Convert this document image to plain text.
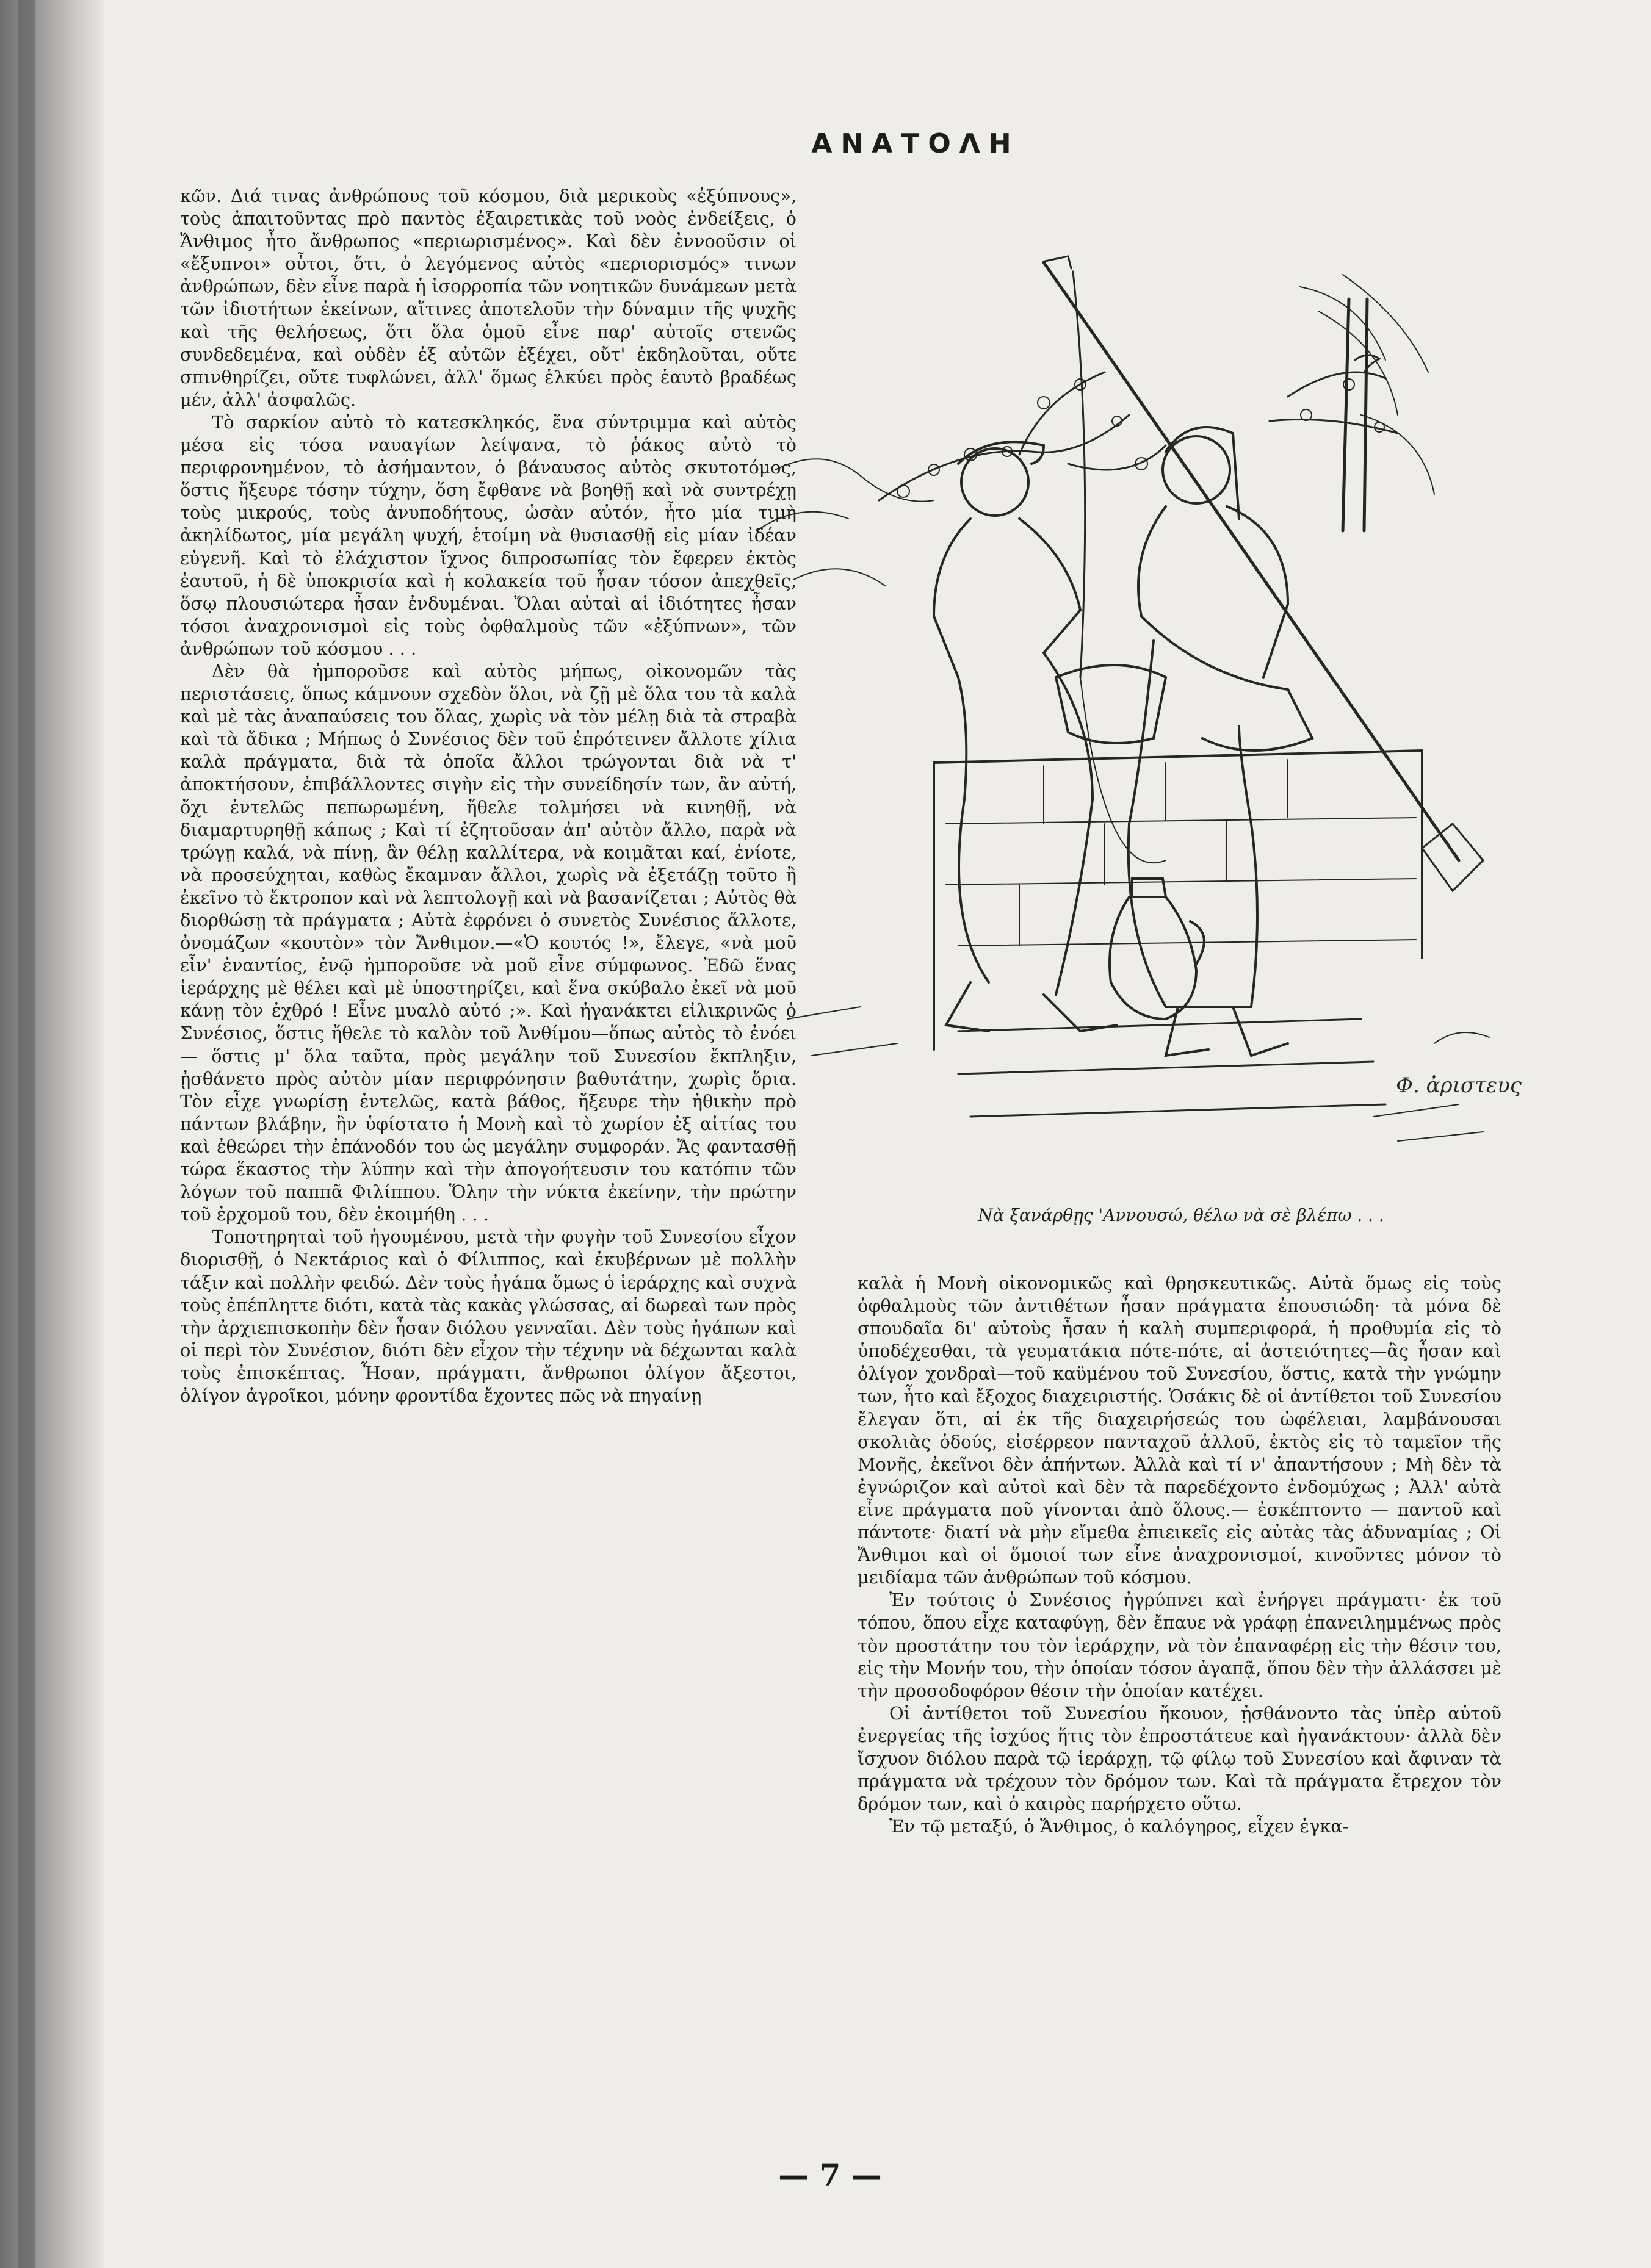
ΑΝΑΤΟΛΗ

κῶν. Διά τινας ἀνθρώπους τοῦ κόσμου, διὰ μερικοὺς «ἐξύπνους», τοὺς ἀπαιτοῦντας πρὸ παντὸς ἐξαιρετικὰς τοῦ νοὸς ἐνδείξεις, ὁ Ἄνθιμος ἦτο ἄνθρωπος «περιωρισμένος». Καὶ δὲν ἐννοοῦσιν οἱ «ἔξυπνοι» οὗτοι, ὅτι, ὁ λεγόμενος αὐτὸς «περιορισμός» τινων ἀνθρώπων, δὲν εἶνε παρὰ ἡ ἰσορροπία τῶν νοητικῶν δυνάμεων μετὰ τῶν ἰδιοτήτων ἐκείνων, αἵτινες ἀποτελοῦν τὴν δύναμιν τῆς ψυχῆς καὶ τῆς θελήσεως, ὅτι ὅλα ὁμοῦ εἶνε παρ' αὐτοῖς στενῶς συνδεδεμένα, καὶ οὐδὲν ἐξ αὐτῶν ἐξέχει, οὔτ' ἐκδηλοῦται, οὔτε σπινθηρίζει, οὔτε τυφλώνει, ἀλλ' ὅμως ἑλκύει πρὸς ἑαυτὸ βραδέως μέν, ἀλλ' ἀσφαλῶς.

Τὸ σαρκίον αὐτὸ τὸ κατεσκληκός, ἕνα σύντριμμα καὶ αὐτὸς μέσα εἰς τόσα ναυαγίων λείψανα, τὸ ῥάκος αὐτὸ τὸ περιφρονημένον, τὸ ἀσήμαντον, ὁ βάναυσος αὐτὸς σκυτοτόμος, ὅστις ἤξευρε τόσην τύχην, ὅση ἔφθανε νὰ βοηθῇ καὶ νὰ συντρέχῃ τοὺς μικρούς, τοὺς ἀνυποδήτους, ὡσὰν αὐτόν, ἦτο μία τιμὴ ἀκηλίδωτος, μία μεγάλη ψυχή, ἑτοίμη νὰ θυσιασθῇ εἰς μίαν ἰδέαν εὐγενῆ. Καὶ τὸ ἐλάχιστον ἴχνος διπροσωπίας τὸν ἔφερεν ἐκτὸς ἑαυτοῦ, ἡ δὲ ὑποκρισία καὶ ἡ κολακεία τοῦ ἦσαν τόσον ἀπεχθεῖς, ὅσῳ πλουσιώτερα ἦσαν ἐνδυμέναι. Ὅλαι αὐταὶ αἱ ἰδιότητες ἦσαν τόσοι ἀναχρονισμοὶ εἰς τοὺς ὀφθαλμοὺς τῶν «ἐξύπνων», τῶν ἀνθρώπων τοῦ κόσμου . . .

Δὲν θὰ ἠμποροῦσε καὶ αὐτὸς μήπως, οἰκονομῶν τὰς περιστάσεις, ὅπως κάμνουν σχεδὸν ὅλοι, νὰ ζῇ μὲ ὅλα του τὰ καλὰ καὶ μὲ τὰς ἀναπαύσεις του ὅλας, χωρὶς νὰ τὸν μέλῃ διὰ τὰ στραβὰ καὶ τὰ ἄδικα ; Μήπως ὁ Συνέσιος δὲν τοῦ ἐπρότεινεν ἄλλοτε χίλια καλὰ πράγματα, διὰ τὰ ὁποῖα ἄλλοι τρώγονται διὰ νὰ τ' ἀποκτήσουν, ἐπιβάλλοντες σιγὴν εἰς τὴν συνείδησίν των, ἂν αὐτή, ὄχι ἐντελῶς πεπωρωμένη, ἤθελε τολμήσει νὰ κινηθῇ, νὰ διαμαρτυρηθῇ κάπως ; Καὶ τί ἐζητοῦσαν ἀπ' αὐτὸν ἄλλο, παρὰ νὰ τρώγῃ καλά, νὰ πίνῃ, ἂν θέλῃ καλλίτερα, νὰ κοιμᾶται καί, ἐνίοτε, νὰ προσεύχηται, καθὼς ἔκαμναν ἄλλοι, χωρὶς νὰ ἐξετάζῃ τοῦτο ἢ ἐκεῖνο τὸ ἔκτροπον καὶ νὰ λεπτολογῇ καὶ νὰ βασανίζεται ; Αὐτὸς θὰ διορθώσῃ τὰ πράγματα ; Αὐτὰ ἐφρόνει ὁ συνετὸς Συνέσιος ἄλλοτε, ὀνομάζων «κουτὸν» τὸν Ἄνθιμον.—«Ὁ κουτός !», ἔλεγε, «νὰ μοῦ εἶν' ἐναντίος, ἐνῷ ἠμποροῦσε νὰ μοῦ εἶνε σύμφωνος. Ἐδῶ ἕνας ἱεράρχης μὲ θέλει καὶ μὲ ὑποστηρίζει, καὶ ἕνα σκύβαλο ἐκεῖ νὰ μοῦ κάνῃ τὸν ἐχθρό ! Εἶνε μυαλὸ αὐτό ;». Καὶ ἠγανάκτει εἰλικρινῶς ὁ Συνέσιος, ὅστις ἤθελε τὸ καλὸν τοῦ Ἀνθίμου—ὅπως αὐτὸς τὸ ἐνόει— ὅστις μ' ὅλα ταῦτα, πρὸς μεγάλην τοῦ Συνεσίου ἔκπληξιν, ᾐσθάνετο πρὸς αὐτὸν μίαν περιφρόνησιν βαθυτάτην, χωρὶς ὅρια. Τὸν εἶχε γνωρίσῃ ἐντελῶς, κατὰ βάθος, ἤξευρε τὴν ἠθικὴν πρὸ πάντων βλάβην, ἣν ὑφίστατο ἡ Μονὴ καὶ τὸ χωρίον ἐξ αἰτίας του καὶ ἐθεώρει τὴν ἐπάνοδόν του ὡς μεγάλην συμφοράν. Ἄς φαντασθῇ τώρα ἕκαστος τὴν λύπην καὶ τὴν ἀπογοήτευσιν του κατόπιν τῶν λόγων τοῦ παππᾶ Φιλίππου. Ὅλην τὴν νύκτα ἐκείνην, τὴν πρώτην τοῦ ἐρχομοῦ του, δὲν ἐκοιμήθη . . .

Τοποτηρηταὶ τοῦ ἡγουμένου, μετὰ τὴν φυγὴν τοῦ Συνεσίου εἶχον διορισθῇ, ὁ Νεκτάριος καὶ ὁ Φίλιππος, καὶ ἐκυβέρνων μὲ πολλὴν τάξιν καὶ πολλὴν φειδώ. Δὲν τοὺς ἠγάπα ὅμως ὁ ἱεράρχης καὶ συχνὰ τοὺς ἐπέπληττε διότι, κατὰ τὰς κακὰς γλώσσας, αἱ δωρεαὶ των πρὸς τὴν ἀρχιεπισκοπὴν δὲν ἦσαν διόλου γενναῖαι. Δὲν τοὺς ἠγάπων καὶ οἱ περὶ τὸν Συνέσιον, διότι δὲν εἶχον τὴν τέχνην νὰ δέχωνται καλὰ τοὺς ἐπισκέπτας. Ἦσαν, πράγματι, ἄνθρωποι ὀλίγον ἄξεστοι, ὀλίγον ἀγροῖκοι, μόνην φροντίδα ἔχοντες πῶς νὰ πηγαίνῃ

Φ. ἀριστευς
Νὰ ξανάρθῃς 'Αννουσώ, θέλω νὰ σὲ βλέπω . . .

καλὰ ἡ Μονὴ οἰκονομικῶς καὶ θρησκευτικῶς. Αὐτὰ ὅμως εἰς τοὺς ὀφθαλμοὺς τῶν ἀντιθέτων ἦσαν πράγματα ἐπουσιώδη· τὰ μόνα δὲ σπουδαῖα δι' αὐτοὺς ἦσαν ἡ καλὴ συμπεριφορά, ἡ προθυμία εἰς τὸ ὑποδέχεσθαι, τὰ γευματάκια πότε-πότε, αἱ ἀστειότητες—ἂς ἦσαν καὶ ὀλίγον χονδραὶ—τοῦ καϋμένου τοῦ Συνεσίου, ὅστις, κατὰ τὴν γνώμην των, ἦτο καὶ ἔξοχος διαχειριστής. Ὁσάκις δὲ οἱ ἀντίθετοι τοῦ Συνεσίου ἔλεγαν ὅτι, αἱ ἐκ τῆς διαχειρήσεώς του ὠφέλειαι, λαμβάνουσαι σκολιὰς ὁδούς, εἰσέρρεον πανταχοῦ ἀλλοῦ, ἐκτὸς εἰς τὸ ταμεῖον τῆς Μονῆς, ἐκεῖνοι δὲν ἀπήντων. Ἀλλὰ καὶ τί ν' ἀπαντήσουν ; Μὴ δὲν τὰ ἐγνώριζον καὶ αὐτοὶ καὶ δὲν τὰ παρεδέχοντο ἐνδομύχως ; Ἀλλ' αὐτὰ εἶνε πράγματα ποῦ γίνονται ἀπὸ ὅλους.— ἐσκέπτοντο — παντοῦ καὶ πάντοτε· διατί νὰ μὴν εἴμεθα ἐπιεικεῖς εἰς αὐτὰς τὰς ἀδυναμίας ; Οἱ Ἄνθιμοι καὶ οἱ ὅμοιοί των εἶνε ἀναχρονισμοί, κινοῦντες μόνον τὸ μειδίαμα τῶν ἀνθρώπων τοῦ κόσμου.

Ἐν τούτοις ὁ Συνέσιος ἠγρύπνει καὶ ἐνήργει πράγματι· ἐκ τοῦ τόπου, ὅπου εἶχε καταφύγῃ, δὲν ἔπαυε νὰ γράφῃ ἐπανειλημμένως πρὸς τὸν προστάτην του τὸν ἱεράρχην, νὰ τὸν ἐπαναφέρῃ εἰς τὴν θέσιν του, εἰς τὴν Μονήν του, τὴν ὁποίαν τόσον ἀγαπᾷ, ὅπου δὲν τὴν ἀλλάσσει μὲ τὴν προσοδοφόρον θέσιν τὴν ὁποίαν κατέχει.

Οἱ ἀντίθετοι τοῦ Συνεσίου ἤκουον, ᾐσθάνοντο τὰς ὑπὲρ αὐτοῦ ἐνεργείας τῆς ἰσχύος ἥτις τὸν ἐπροστάτευε καὶ ἠγανάκτουν· ἀλλὰ δὲν ἴσχυον διόλου παρὰ τῷ ἱεράρχῃ, τῷ φίλῳ τοῦ Συνεσίου καὶ ἄφιναν τὰ πράγματα νὰ τρέχουν τὸν δρόμον των. Καὶ τὰ πράγματα ἔτρεχον τὸν δρόμον των, καὶ ὁ καιρὸς παρήρχετο οὕτω.

Ἐν τῷ μεταξύ, ὁ Ἄνθιμος, ὁ καλόγηρος, εἶχεν ἐγκα-

— 7 —
